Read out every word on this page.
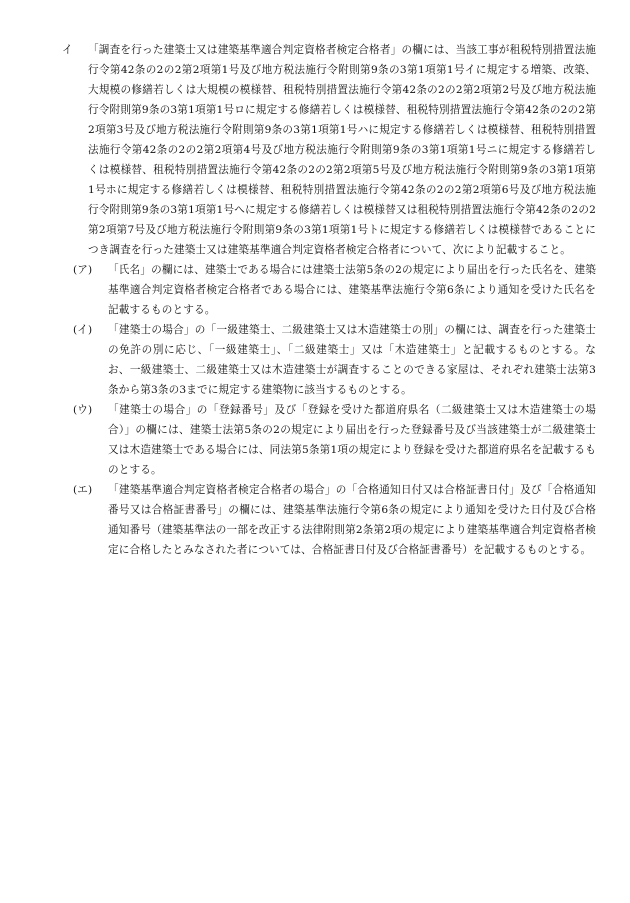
イ 「調査を行った建築士又は建築基準適合判定資格者検定合格者」の欄には、当該工事が租税特別措置法施行令第42条の2の2第2項第1号及び地方税法施行令附則第9条の3第1項第1号イに規定する増築、改築、大規模の修繕若しくは大規模の模様替、租税特別措置法施行令第42条の2の2第2項第2号及び地方税法施行令附則第9条の3第1項第1号ロに規定する修繕若しくは模様替、租税特別措置法施行令第42条の2の2第2項第3号及び地方税法施行令附則第9条の3第1項第1号ハに規定する修繕若しくは模様替、租税特別措置法施行令第42条の2の2第2項第4号及び地方税法施行令附則第9条の3第1項第1号ニに規定する修繕若しくは模様替、租税特別措置法施行令第42条の2の2第2項第5号及び地方税法施行令附則第9条の3第1項第1号ホに規定する修繕若しくは模様替、租税特別措置法施行令第42条の2の2第2項第6号及び地方税法施行令附則第9条の3第1項第1号へに規定する修繕若しくは模様替又は租税特別措置法施行令第42条の2の2第2項第7号及び地方税法施行令附則第9条の3第1項第1号トに規定する修繕若しくは模様替であることにつき調査を行った建築士又は建築基準適合判定資格者検定合格者について、次により記載すること。

(ア) 「氏名」の欄には、建築士である場合には建築士法第5条の2の規定により届出を行った氏名を、建築基準適合判定資格者検定合格者である場合には、建築基準法施行令第6条により通知を受けた氏名を記載するものとする。

(イ) 「建築士の場合」の「一級建築士、二級建築士又は木造建築士の別」の欄には、調査を行った建築士の免許の別に応じ、「一級建築士」、「二級建築士」又は「木造建築士」と記載するものとする。なお、一級建築士、二級建築士又は木造建築士が調査することのできる家屋は、それぞれ建築士法第3条から第3条の3までに規定する建築物に該当するものとする。

(ウ) 「建築士の場合」の「登録番号」及び「登録を受けた都道府県名（二級建築士又は木造建築士の場合）」の欄には、建築士法第5条の2の規定により届出を行った登録番号及び当該建築士が二級建築士又は木造建築士である場合には、同法第5条第1項の規定により登録を受けた都道府県名を記載するものとする。

(エ) 「建築基準適合判定資格者検定合格者の場合」の「合格通知日付又は合格証書日付」及び「合格通知番号又は合格証書番号」の欄には、建築基準法施行令第6条の規定により通知を受けた日付及び合格通知番号（建築基準法の一部を改正する法律附則第2条第2項の規定により建築基準適合判定資格者検定に合格したとみなされた者については、合格証書日付及び合格証書番号）を記載するものとする。
